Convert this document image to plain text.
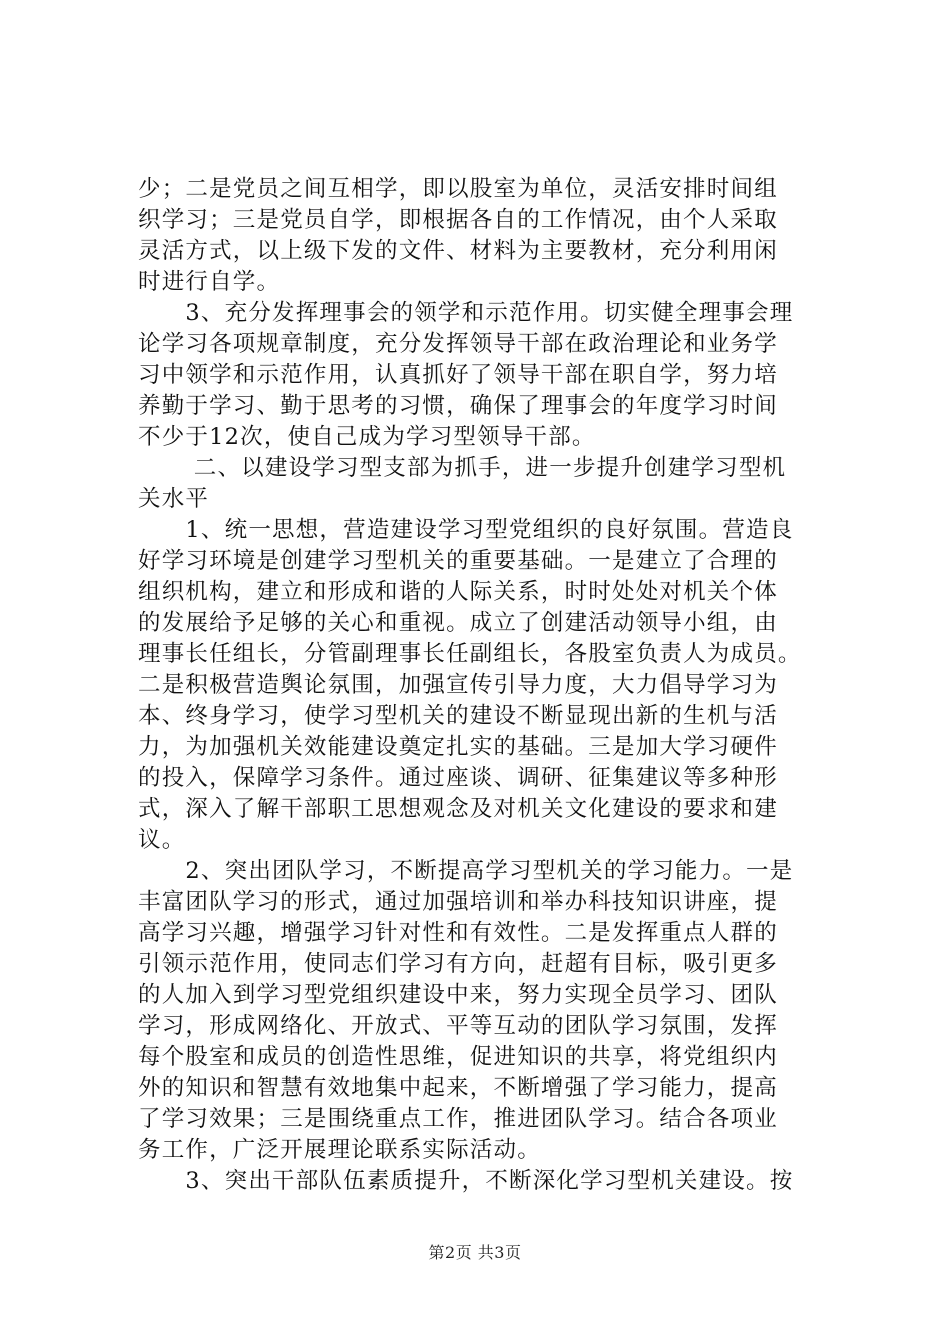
少；二是党员之间互相学，即以股室为单位，灵活安排时间组
织学习；三是党员自学，即根据各自的工作情况，由个人采取
灵活方式，以上级下发的文件、材料为主要教材，充分利用闲
时进行自学。
　　3、充分发挥理事会的领学和示范作用。切实健全理事会理
论学习各项规章制度，充分发挥领导干部在政治理论和业务学
习中领学和示范作用，认真抓好了领导干部在职自学，努力培
养勤于学习、勤于思考的习惯，确保了理事会的年度学习时间
不少于12次，使自己成为学习型领导干部。
　　 二、以建设学习型支部为抓手，进一步提升创建学习型机
关水平
　　1、统一思想，营造建设学习型党组织的良好氛围。营造良
好学习环境是创建学习型机关的重要基础。一是建立了合理的
组织机构，建立和形成和谐的人际关系，时时处处对机关个体
的发展给予足够的关心和重视。成立了创建活动领导小组，由
理事长任组长，分管副理事长任副组长，各股室负责人为成员。
二是积极营造舆论氛围，加强宣传引导力度，大力倡导学习为
本、终身学习，使学习型机关的建设不断显现出新的生机与活
力，为加强机关效能建设奠定扎实的基础。三是加大学习硬件
的投入，保障学习条件。通过座谈、调研、征集建议等多种形
式，深入了解干部职工思想观念及对机关文化建设的要求和建
议。
　　2、突出团队学习，不断提高学习型机关的学习能力。一是
丰富团队学习的形式，通过加强培训和举办科技知识讲座，提
高学习兴趣，增强学习针对性和有效性。二是发挥重点人群的
引领示范作用，使同志们学习有方向，赶超有目标，吸引更多
的人加入到学习型党组织建设中来，努力实现全员学习、团队
学习，形成网络化、开放式、平等互动的团队学习氛围，发挥
每个股室和成员的创造性思维，促进知识的共享，将党组织内
外的知识和智慧有效地集中起来，不断增强了学习能力，提高
了学习效果；三是围绕重点工作，推进团队学习。结合各项业
务工作，广泛开展理论联系实际活动。
　　3、突出干部队伍素质提升，不断深化学习型机关建设。按
第2页 共3页
